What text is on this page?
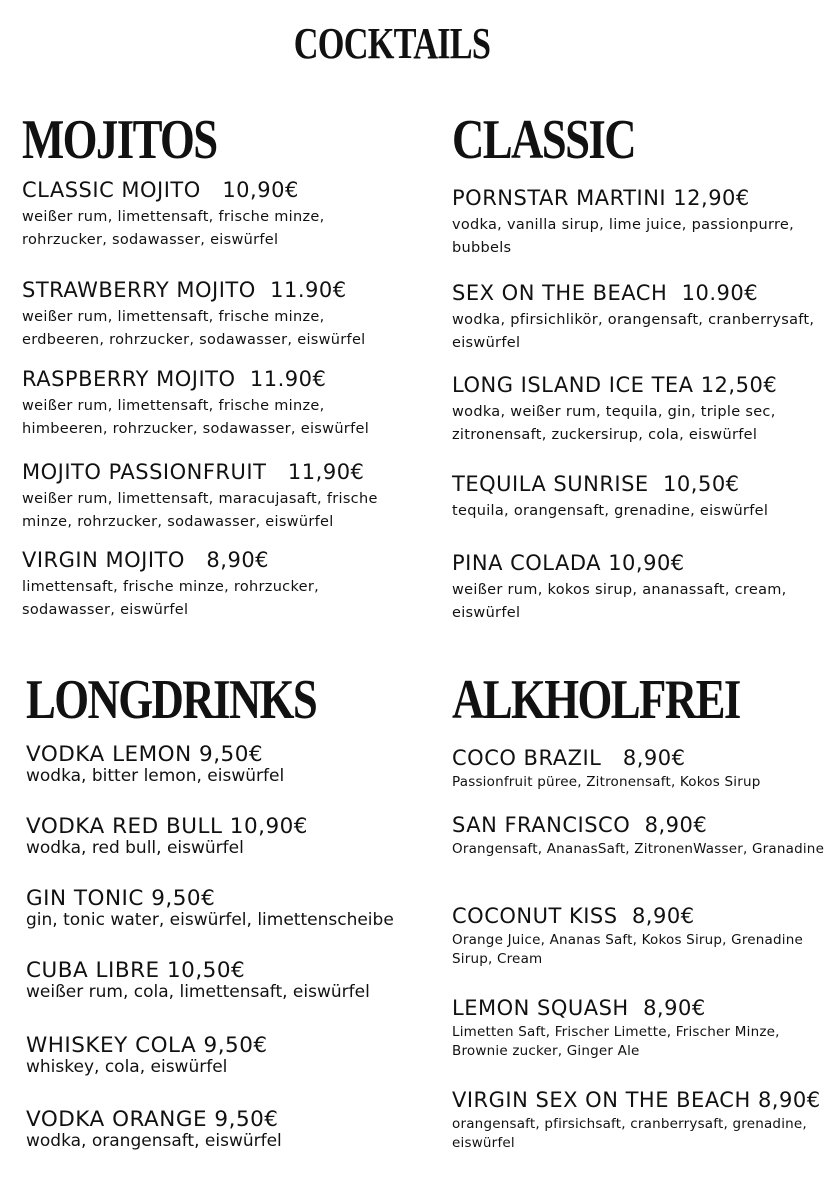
COCKTAILS
MOJITOS
CLASSIC MOJITO   10,90€
weißer rum, limettensaft, frische minze, rohrzucker, sodawasser, eiswürfel
STRAWBERRY MOJITO  11.90€
weißer rum, limettensaft, frische minze, erdbeeren, rohrzucker, sodawasser, eiswürfel
RASPBERRY MOJITO  11.90€
weißer rum, limettensaft, frische minze, himbeeren, rohrzucker, sodawasser, eiswürfel
MOJITO PASSIONFRUIT   11,90€
weißer rum, limettensaft, maracujasaft, frische minze, rohrzucker, sodawasser, eiswürfel
VIRGIN MOJITO   8,90€
limettensaft, frische minze, rohrzucker, sodawasser, eiswürfel
CLASSIC
PORNSTAR MARTINI 12,90€
vodka, vanilla sirup, lime juice, passionpurre, bubbels
SEX ON THE BEACH  10.90€
wodka, pfirsichlikör, orangensaft, cranberrysaft, eiswürfel
LONG ISLAND ICE TEA 12,50€
wodka, weißer rum, tequila, gin, triple sec, zitronensaft, zuckersirup, cola, eiswürfel
TEQUILA SUNRISE  10,50€
tequila, orangensaft, grenadine, eiswürfel
PINA COLADA 10,90€
weißer rum, kokos sirup, ananassaft, cream, eiswürfel
LONGDRINKS
VODKA LEMON 9,50€
wodka, bitter lemon, eiswürfel
VODKA RED BULL 10,90€
wodka, red bull, eiswürfel
GIN TONIC 9,50€
gin, tonic water, eiswürfel, limettenscheibe
CUBA LIBRE 10,50€
weißer rum, cola, limettensaft, eiswürfel
WHISKEY COLA 9,50€
whiskey, cola, eiswürfel
VODKA ORANGE 9,50€
wodka, orangensaft, eiswürfel
ALKHOLFREI
COCO BRAZIL   8,90€
Passionfruit püree, Zitronensaft, Kokos Sirup
SAN FRANCISCO  8,90€
Orangensaft, AnanasSaft, ZitronenWasser, Granadine
COCONUT KISS  8,90€
Orange Juice, Ananas Saft, Kokos Sirup, Grenadine Sirup, Cream
LEMON SQUASH  8,90€
Limetten Saft, Frischer Limette, Frischer Minze, Brownie zucker, Ginger Ale
VIRGIN SEX ON THE BEACH 8,90€
orangensaft, pfirsichsaft, cranberrysaft, grenadine, eiswürfel
